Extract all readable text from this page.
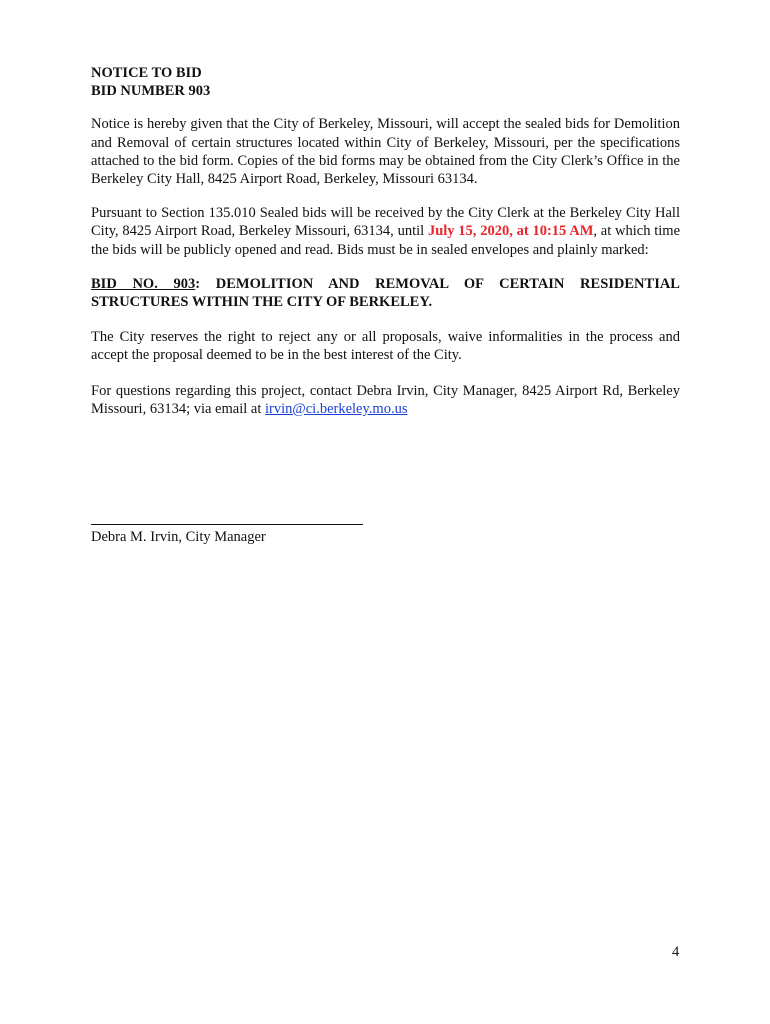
NOTICE TO BID
BID NUMBER 903

Notice is hereby given that the City of Berkeley, Missouri, will accept the sealed bids for Demolition and Removal of certain structures located within City of Berkeley, Missouri, per the specifications attached to the bid form. Copies of the bid forms may be obtained from the City Clerk’s Office in the Berkeley City Hall, 8425 Airport Road, Berkeley, Missouri 63134.

Pursuant to Section 135.010 Sealed bids will be received by the City Clerk at the Berkeley City Hall City, 8425 Airport Road, Berkeley Missouri, 63134, until July 15, 2020, at 10:15 AM, at which time the bids will be publicly opened and read. Bids must be in sealed envelopes and plainly marked:

BID NO. 903: DEMOLITION AND REMOVAL OF CERTAIN RESIDENTIAL STRUCTURES WITHIN THE CITY OF BERKELEY.

The City reserves the right to reject any or all proposals, waive informalities in the process and accept the proposal deemed to be in the best interest of the City.

For questions regarding this project, contact Debra Irvin, City Manager, 8425 Airport Rd, Berkeley Missouri, 63134; via email at irvin@ci.berkeley.mo.us

Debra M. Irvin, City Manager
4
